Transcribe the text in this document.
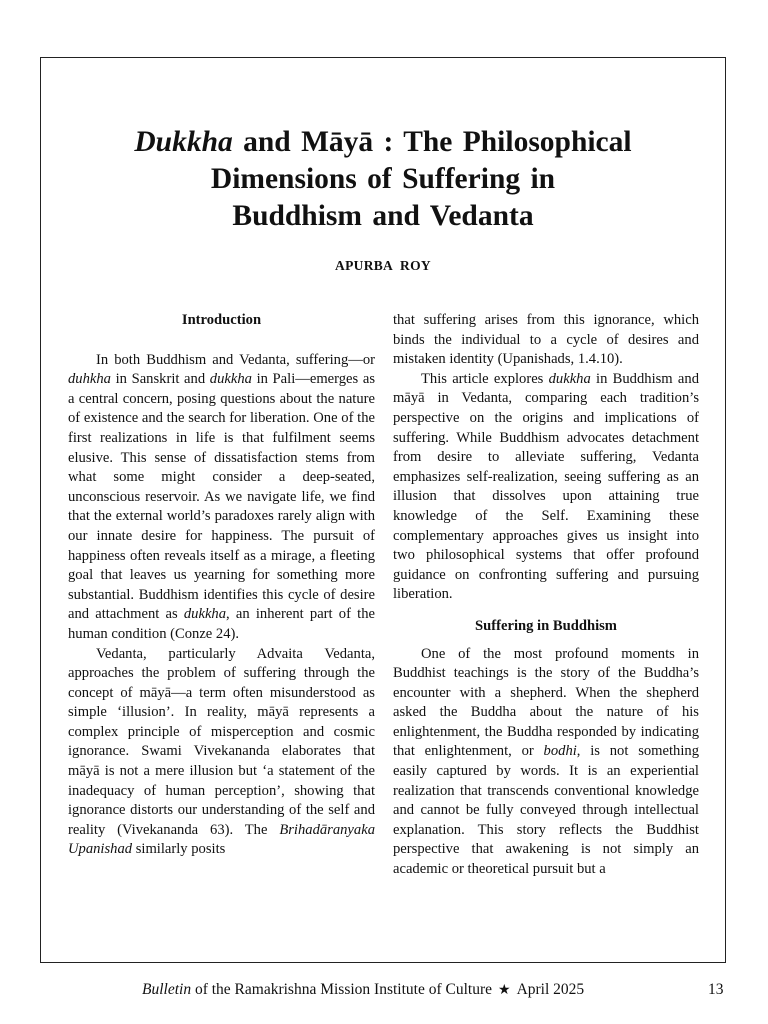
Dukkha and Māyā : The Philosophical
Dimensions of Suffering in
Buddhism and Vedanta
APURBA ROY
Introduction

In both Buddhism and Vedanta, suffering—or duhkha in Sanskrit and dukkha in Pali—emerges as a central concern, posing questions about the nature of existence and the search for liberation. One of the first realizations in life is that fulfilment seems elusive. This sense of dissatisfaction stems from what some might consider a deep-seated, unconscious reservoir. As we navigate life, we find that the external world’s paradoxes rarely align with our innate desire for happiness. The pursuit of happiness often reveals itself as a mirage, a fleeting goal that leaves us yearning for something more substantial. Buddhism identifies this cycle of desire and attachment as dukkha, an inherent part of the human condition (Conze 24).

Vedanta, particularly Advaita Vedanta, approaches the problem of suffering through the concept of māyā—a term often misunderstood as simple ‘illusion’. In reality, māyā represents a complex principle of misperception and cosmic ignorance. Swami Vivekananda elaborates that māyā is not a mere illusion but ‘a statement of the inadequacy of human perception’, showing that ignorance distorts our understanding of the self and reality (Vivekananda 63). The Brihadāranyaka Upanishad similarly posits

that suffering arises from this ignorance, which binds the individual to a cycle of desires and mistaken identity (Upanishads, 1.4.10).

This article explores dukkha in Buddhism and māyā in Vedanta, comparing each tradition’s perspective on the origins and implications of suffering. While Buddhism advocates detachment from desire to alleviate suffering, Vedanta emphasizes self-realization, seeing suffering as an illusion that dissolves upon attaining true knowledge of the Self. Examining these complementary approaches gives us insight into two philosophical systems that offer profound guidance on confronting suffering and pursuing liberation.

Suffering in Buddhism

One of the most profound moments in Buddhist teachings is the story of the Buddha’s encounter with a shepherd. When the shepherd asked the Buddha about the nature of his enlightenment, the Buddha responded by indicating that enlightenment, or bodhi, is not something easily captured by words. It is an experiential realization that transcends conventional knowledge and cannot be fully conveyed through intellectual explanation. This story reflects the Buddhist perspective that awakening is not simply an academic or theoretical pursuit but a

Bulletin of the Ramakrishna Mission Institute of Culture ★ April 2025	13
